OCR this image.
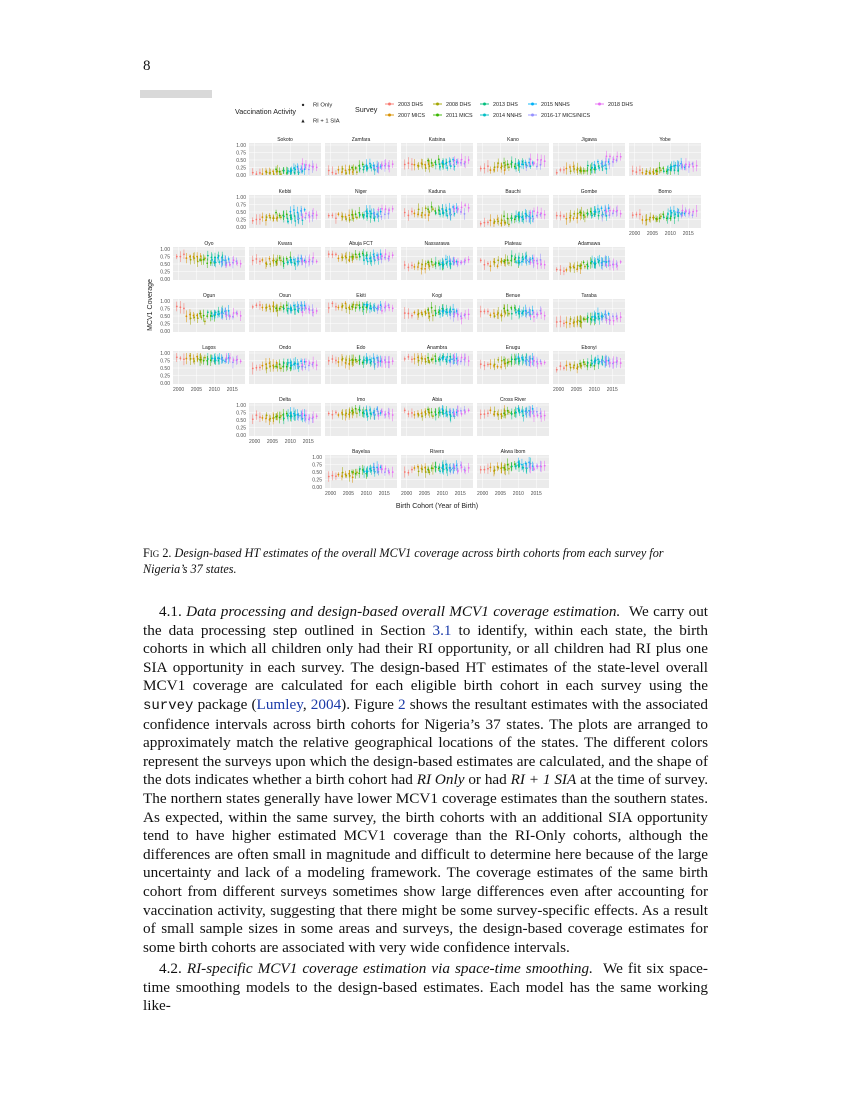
8
Vaccination Activity
● RI Only
▲ RI + 1 SIA
Survey	2003 DHS
2007 MICS
2008 DHS
2011 MICS
2013 DHS
2014 NNHS
2015 NNHS
2016-17 MICS/NICS
2018 DHS
Sokoto
0.00
0.25
0.50
0.75
1.00
Zamfara	Katsina	Kano	Jigawa	Yobe
Kebbi
0.00
0.25
0.50
0.75
1.00
Niger	Kaduna	Bauchi	Gombe	Borno
2000 2005 2010 2015
Oyo
0.00
0.25
0.50
0.75
1.00
Kwara	Abuja FCT	Nassarawa	Plateau	Adamawa
Ogun
0.00
0.25
0.50
0.75
1.00
Osun	Ekiti	Kogi	Benue	Taraba
Lagos
0.00
0.25
0.50
0.75
1.00
2000 2005 2010 2015
Ondo	Edo	Anambra	Enugu	Ebonyi
2000 2005 2010 2015
Delta
0.00
0.25
0.50
0.75
1.00
2000 2005 2010 2015
Imo	Abia	Cross River
Bayelsa
0.00
0.25
0.50
0.75
1.00
2000 2005 2010 2015
Rivers
2000 2005 2010 2015
Akwa Ibom
2000 2005 2010 2015
MCV1 Coverage
Birth Cohort (Year of Birth)
Fig 2. Design-based HT estimates of the overall MCV1 coverage across birth cohorts from each survey for Nigeria’s 37 states.
4.1. Data processing and design-based overall MCV1 coverage estimation. We carry out the data processing step outlined in Section 3.1 to identify, within each state, the birth cohorts in which all children only had their RI opportunity, or all children had RI plus one SIA opportunity in each survey. The design-based HT estimates of the state-level overall MCV1 coverage are calculated for each eligible birth cohort in each survey using the survey package (Lumley, 2004). Figure 2 shows the resultant estimates with the associated confidence intervals across birth cohorts for Nigeria’s 37 states. The plots are arranged to approximately match the relative geographical locations of the states. The different colors represent the surveys upon which the design-based estimates are calculated, and the shape of the dots indicates whether a birth cohort had RI Only or had RI + 1 SIA at the time of survey. The northern states generally have lower MCV1 coverage estimates than the southern states. As expected, within the same survey, the birth cohorts with an additional SIA opportunity tend to have higher estimated MCV1 coverage than the RI-Only cohorts, although the differences are often small in magnitude and difficult to determine here because of the large uncertainty and lack of a modeling framework. The coverage estimates of the same birth cohort from different surveys sometimes show large differences even after accounting for vaccination activity, suggesting that there might be some survey-specific effects. As a result of small sample sizes in some areas and surveys, the design-based coverage estimates for some birth cohorts are associated with very wide confidence intervals.
4.2. RI-specific MCV1 coverage estimation via space-time smoothing. We fit six space-time smoothing models to the design-based estimates. Each model has the same working like-
